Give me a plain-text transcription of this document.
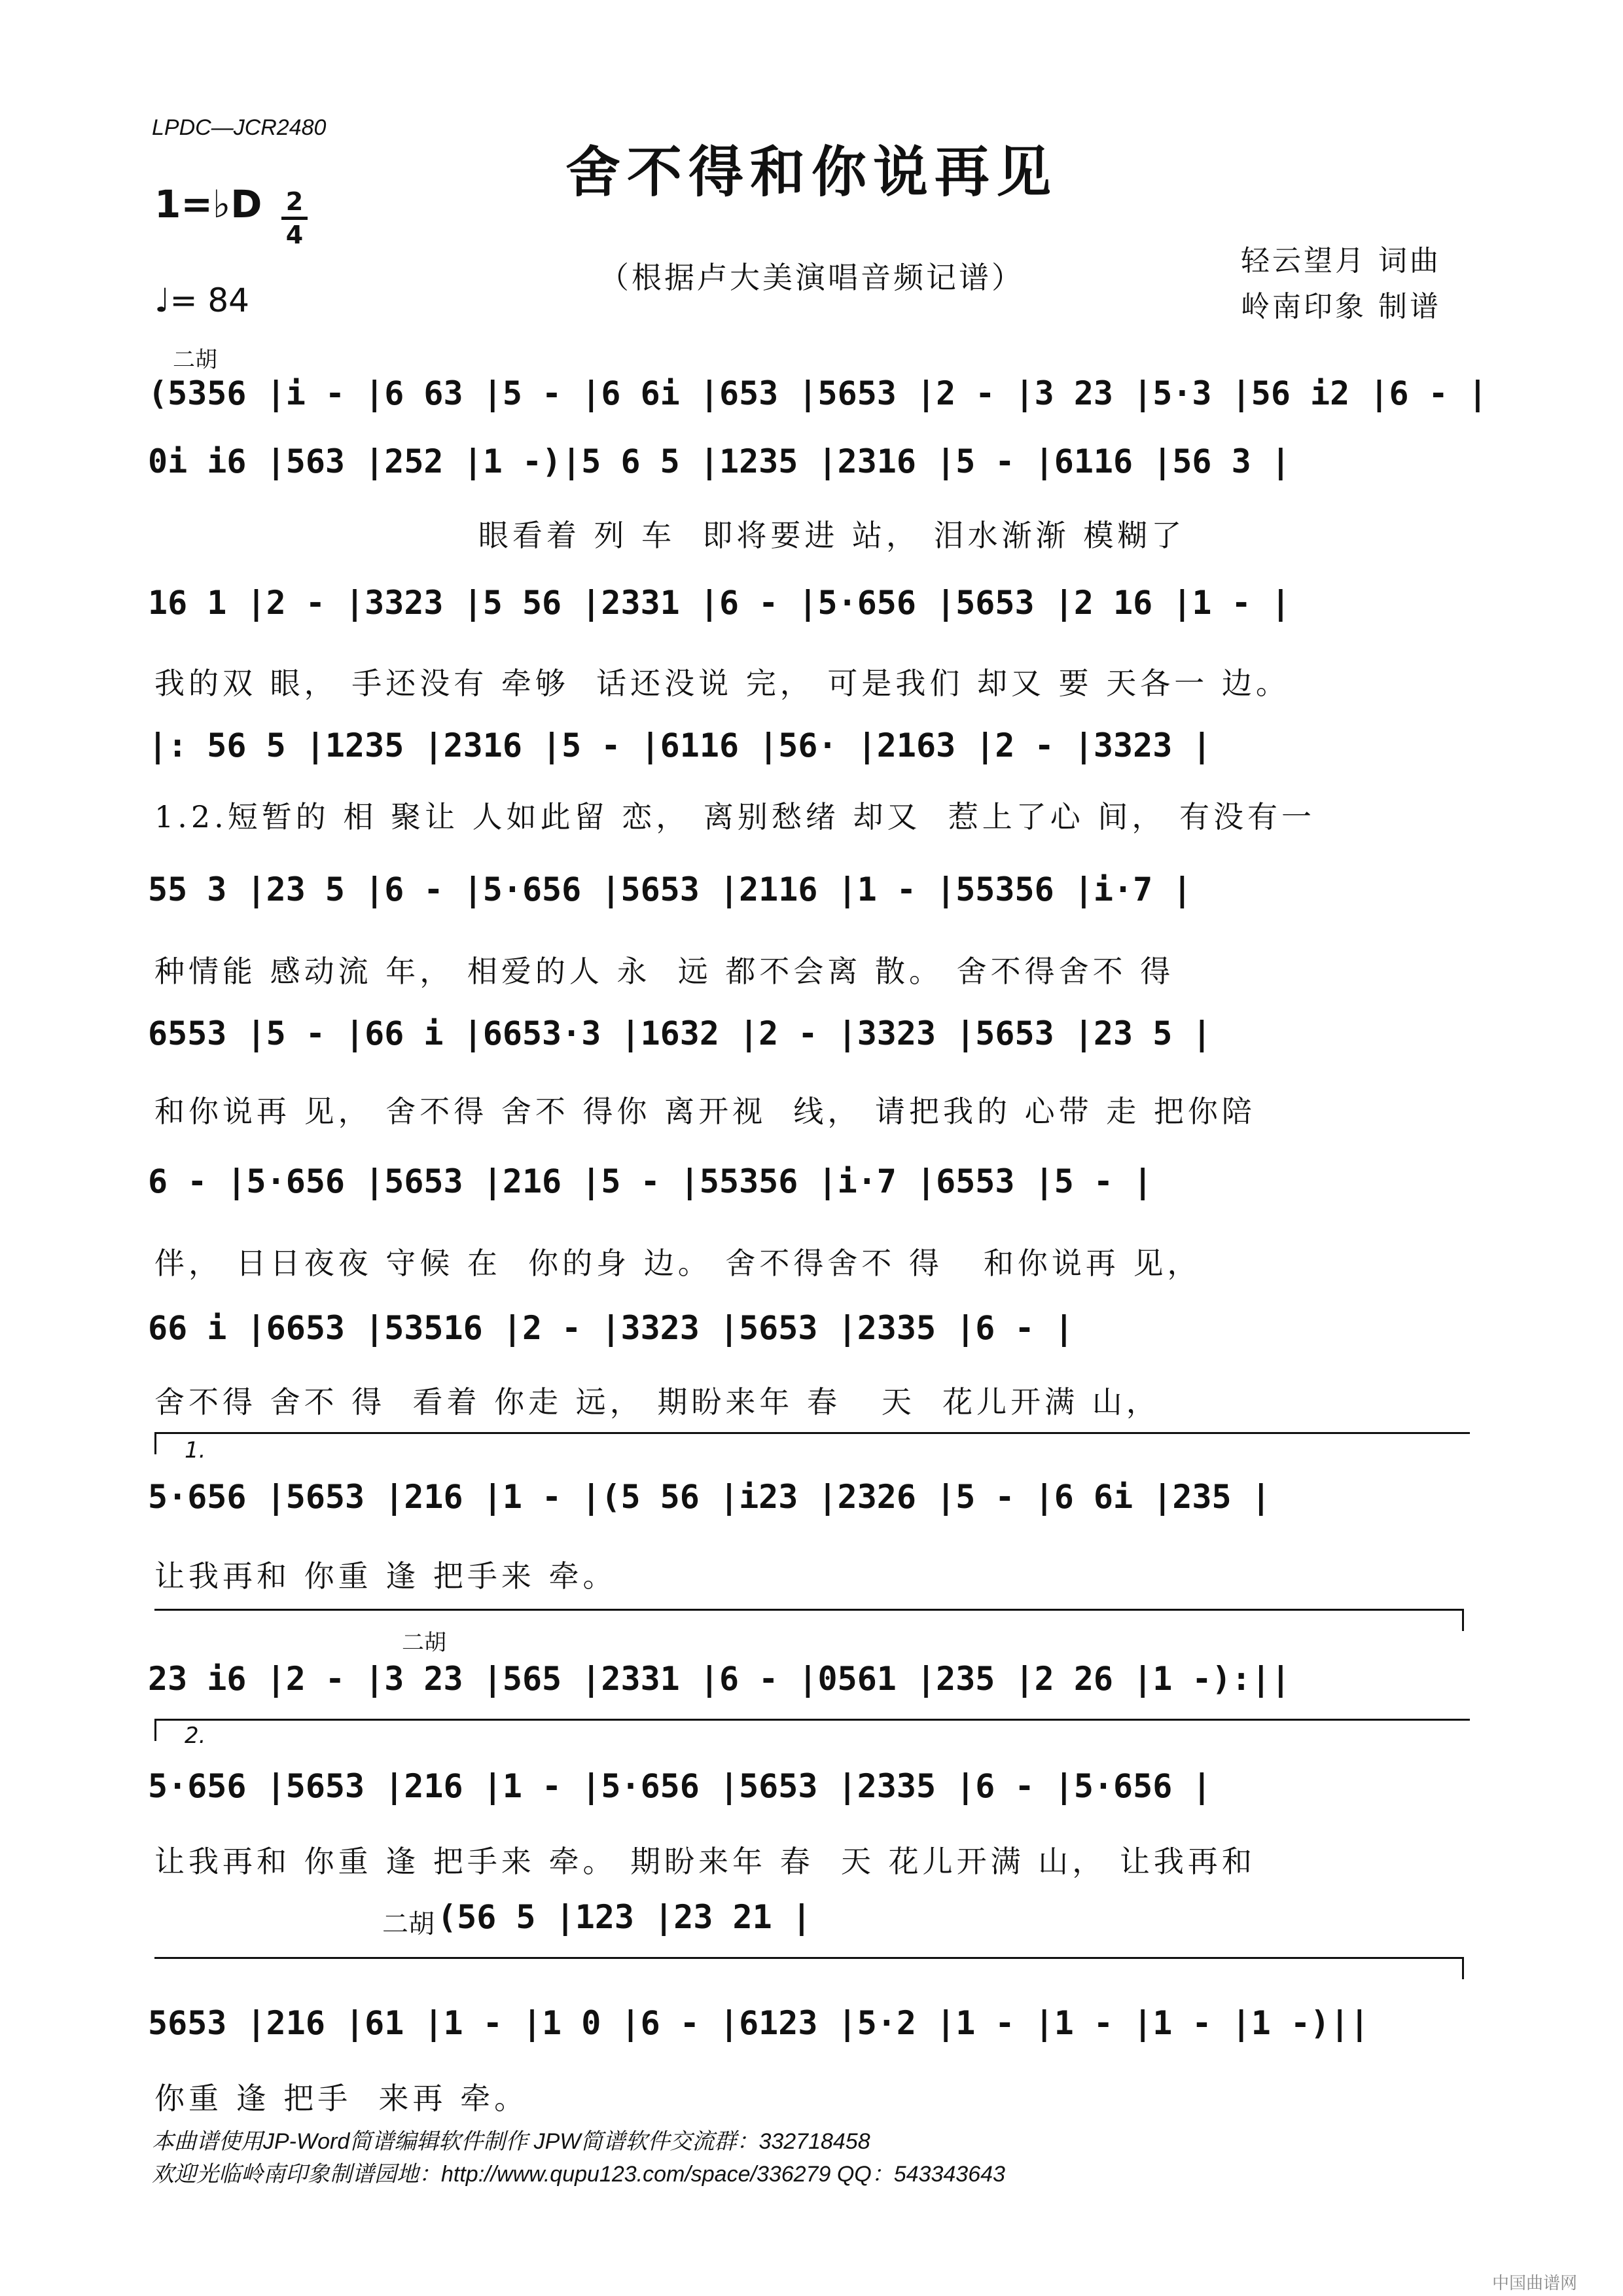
LPDC—JCR2480
舍不得和你说再见
1=♭D 2
4
♩= 84
（根据卢大美演唱音频记谱）	轻云望月 词曲
岭南印象 制谱
二胡
(5356 |i - |6 63 |5 - |6 6i |653 |5653 |2 - |3 23 |5·3 |56 i2 |6 - |
0i i6 |563 |252 |1 -)|5 6 5 |1235 |2316 |5 - |6116 |56 3 |
眼看着 列 车  即将要进 站， 泪水渐渐 模糊了
16 1 |2 - |3323 |5 56 |2331 |6 - |5·656 |5653 |2 16 |1 - |
我的双 眼， 手还没有 牵够  话还没说 完， 可是我们 却又 要 天各一 边。
|: 56 5 |1235 |2316 |5 - |6116 |56· |2163 |2 - |3323 |
1.2.短暂的 相 聚让 人如此留 恋， 离别愁绪 却又  惹上了心 间， 有没有一
55 3 |23 5 |6 - |5·656 |5653 |2116 |1 - |55356 |i·7 |
种情能 感动流 年， 相爱的人 永  远 都不会离 散。 舍不得舍不 得
6553 |5 - |66 i |6653·3 |1632 |2 - |3323 |5653 |23 5 |
和你说再 见， 舍不得 舍不 得你 离开视  线， 请把我的 心带 走 把你陪
6 - |5·656 |5653 |216 |5 - |55356 |i·7 |6553 |5 - |
伴， 日日夜夜 守候 在  你的身 边。 舍不得舍不 得   和你说再 见，
66 i |6653 |53516 |2 - |3323 |5653 |2335 |6 - |
舍不得 舍不 得  看着 你走 远， 期盼来年 春   天  花儿开满 山，
1.
5·656 |5653 |216 |1 - |(5 56 |i23 |2326 |5 - |6 6i |235 |
让我再和 你重 逢 把手来 牵。
二胡
23 i6 |2 - |3 23 |565 |2331 |6 - |0561 |235 |2 26 |1 -):||
2.
5·656 |5653 |216 |1 - |5·656 |5653 |2335 |6 - |5·656 |
让我再和 你重 逢 把手来 牵。 期盼来年 春  天 花儿开满 山， 让我再和
二胡 (56 5 |123 |23 21 |
5653 |216 |61 |1 - |1 0 |6 - |6123 |5·2 |1 - |1 - |1 - |1 -)||
你重 逢 把手  来再 牵。
本曲谱使用JP-Word简谱编辑软件制作 JPW简谱软件交流群：332718458
欢迎光临岭南印象制谱园地：http://www.qupu123.com/space/336279 QQ：543343643
中国曲谱网
